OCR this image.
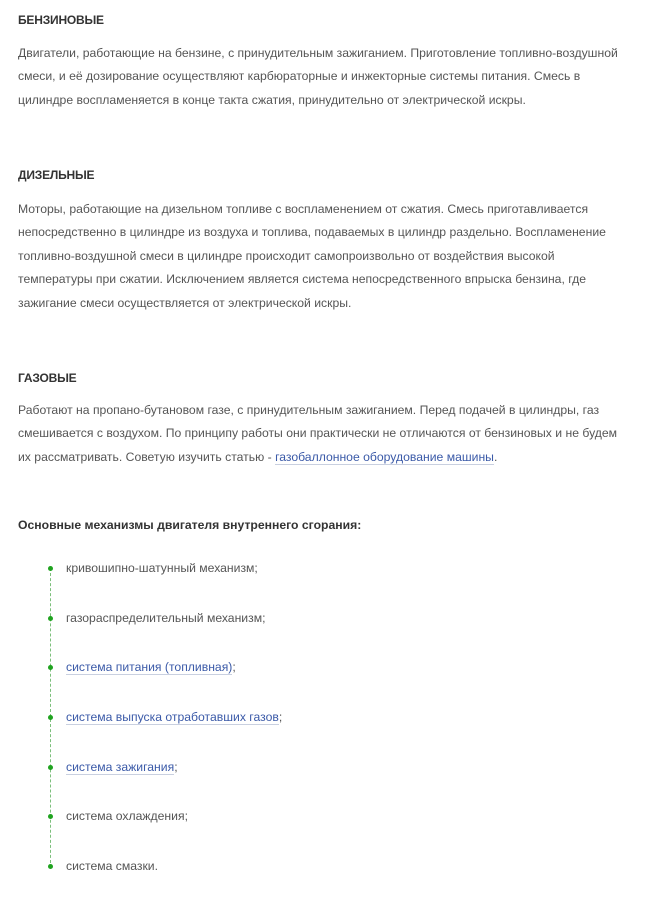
БЕНЗИНОВЫЕ

Двигатели, работающие на бензине, с принудительным зажиганием. Приготовление топливно-воздушной смеси, и её дозирование осуществляют карбюраторные и инжекторные системы питания. Смесь в цилиндре воспламеняется в конце такта сжатия, принудительно от электрической искры.

ДИЗЕЛЬНЫЕ

Моторы, работающие на дизельном топливе с воспламенением от сжатия. Смесь приготавливается непосредственно в цилиндре из воздуха и топлива, подаваемых в цилиндр раздельно. Воспламенение топливно-воздушной смеси в цилиндре происходит самопроизвольно от воздействия высокой температуры при сжатии. Исключением является система непосредственного впрыска бензина, где зажигание смеси осуществляется от электрической искры.

ГАЗОВЫЕ

Работают на пропано-бутановом газе, с принудительным зажиганием. Перед подачей в цилиндры, газ смешивается с воздухом. По принципу работы они практически не отличаются от бензиновых и не будем их рассматривать. Советую изучить статью - газобаллонное оборудование машины.

Основные механизмы двигателя внутреннего сгорания:
кривошипно-шатунный механизм;
газораспределительный механизм;
система питания (топливная);
система выпуска отработавших газов;
система зажигания;
система охлаждения;
система смазки.
